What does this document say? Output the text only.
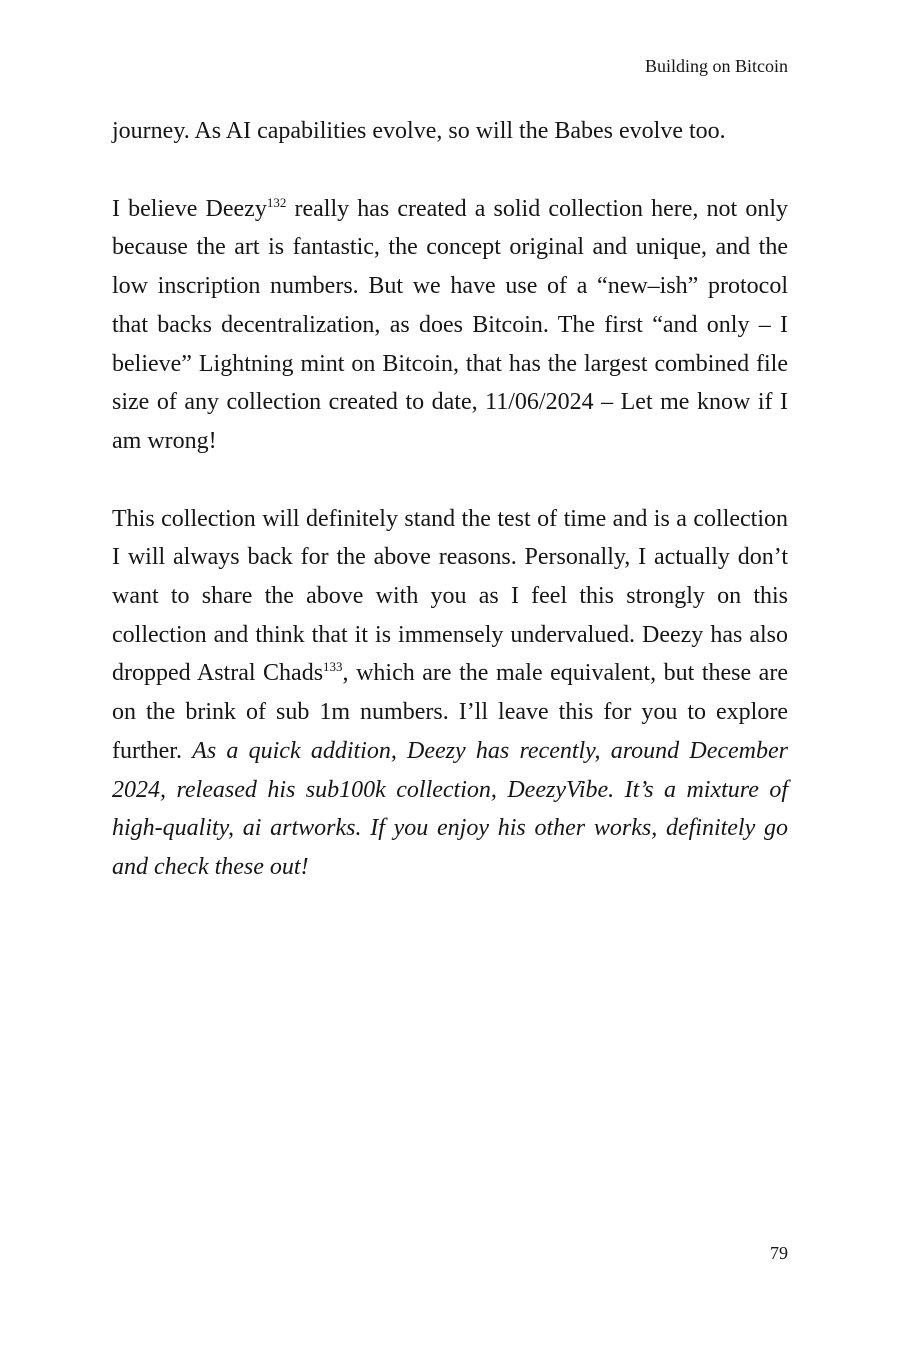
Building on Bitcoin

journey. As AI capabilities evolve, so will the Babes evolve too.

I believe Deezy$^{132}$ really has created a solid collection here, not only because the art is fantastic, the concept original and unique, and the low inscription numbers. But we have use of a “new–ish” protocol that backs decentralization, as does Bitcoin. The first “and only – I believe” Lightning mint on Bitcoin, that has the largest combined file size of any collection created to date, 11/06/2024 – Let me know if I am wrong!

This collection will definitely stand the test of time and is a collection I will always back for the above reasons. Personally, I actually don’t want to share the above with you as I feel this strongly on this collection and think that it is immensely undervalued. Deezy has also dropped Astral Chads$^{133}$, which are the male equivalent, but these are on the brink of sub 1m numbers. I’ll leave this for you to explore further. As a quick addition, Deezy has recently, around December 2024, released his sub100k collection, DeezyVibe. It’s a mixture of high-quality, ai artworks. If you enjoy his other works, definitely go and check these out!

79
